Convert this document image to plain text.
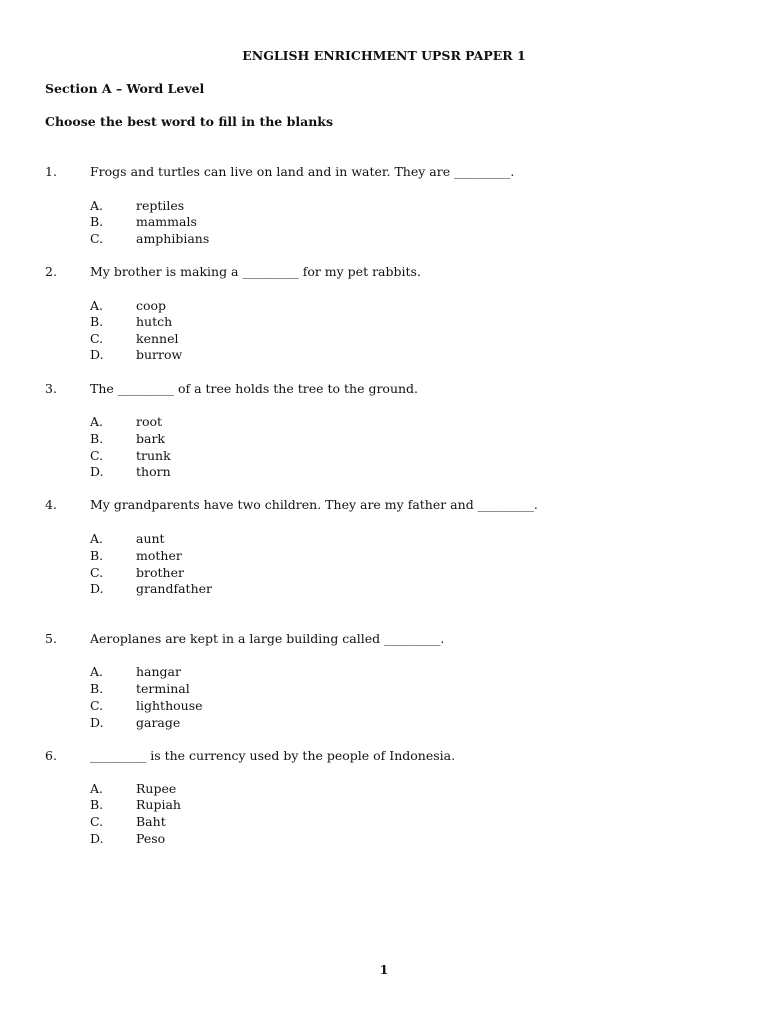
ENGLISH ENRICHMENT UPSR PAPER 1
Section A – Word Level
Choose the best word to fill in the blanks
1.	Frogs and turtles can live on land and in water. They are _________.
A.	reptiles
B.	mammals
C.	amphibians
2.	My brother is making a _________ for my pet rabbits.
A.	coop
B.	hutch
C.	kennel
D.	burrow
3.	The _________ of a tree holds the tree to the ground.
A.	root
B.	bark
C.	trunk
D.	thorn
4.	My grandparents have two children. They are my father and _________.
A.	aunt
B.	mother
C.	brother
D.	grandfather
5.	Aeroplanes are kept in a large building called _________.
A.	hangar
B.	terminal
C.	lighthouse
D.	garage
6.	_________ is the currency used by the people of Indonesia.
A.	Rupee
B.	Rupiah
C.	Baht
D.	Peso
1
